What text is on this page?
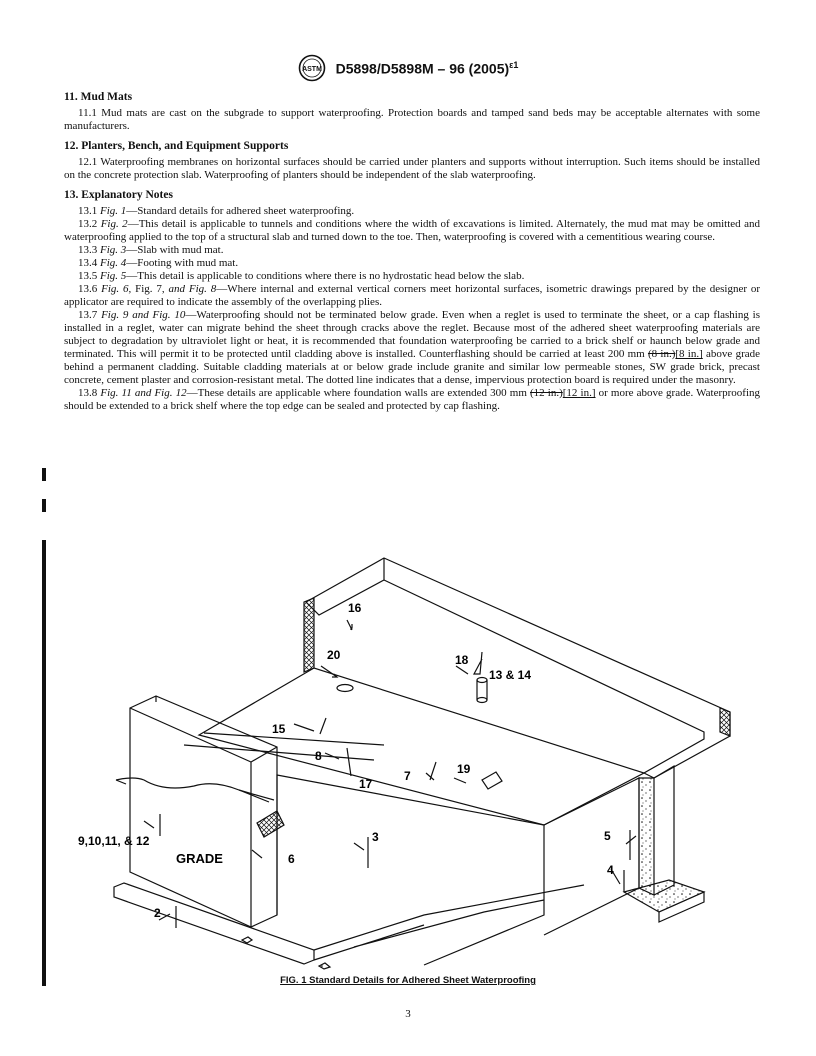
ASTM D5898/D5898M – 96 $(2005)^{\varepsilon 1}$
11. Mud Mats

11.1 Mud mats are cast on the subgrade to support waterproofing. Protection boards and tamped sand beds may be acceptable alternates with some manufacturers.

12. Planters, Bench, and Equipment Supports

12.1 Waterproofing membranes on horizontal surfaces should be carried under planters and supports without interruption. Such items should be installed on the concrete protection slab. Waterproofing of planters should be independent of the slab waterproofing.

13. Explanatory Notes

13.1 Fig. 1—Standard details for adhered sheet waterproofing.

13.2 Fig. 2—This detail is applicable to tunnels and conditions where the width of excavations is limited. Alternately, the mud mat may be omitted and waterproofing applied to the top of a structural slab and turned down to the toe. Then, waterproofing is covered with a cementitious wearing course.

13.3 Fig. 3—Slab with mud mat.

13.4 Fig. 4—Footing with mud mat.

13.5 Fig. 5—This detail is applicable to conditions where there is no hydrostatic head below the slab.

13.6 Fig. 6, Fig. 7, and Fig. 8—Where internal and external vertical corners meet horizontal surfaces, isometric drawings prepared by the designer or applicator are required to indicate the assembly of the overlapping plies.

13.7 Fig. 9 and Fig. 10—Waterproofing should not be terminated below grade. Even when a reglet is used to terminate the sheet, or a cap flashing is installed in a reglet, water can migrate behind the sheet through cracks above the reglet. Because most of the adhered sheet waterproofing materials are subject to degradation by ultraviolet light or heat, it is recommended that foundation waterproofing be carried to a brick shelf or haunch below grade and terminated. This will permit it to be protected until cladding above is installed. Counterflashing should be carried at least 200 mm (8 in.)[8 in.] above grade behind a permanent cladding. Suitable cladding materials at or below grade include granite and similar low permeable stones, SW grade brick, precast concrete, cement plaster and corrosion-resistant metal. The dotted line indicates that a dense, impervious protection board is required under the masonry.

13.8 Fig. 11 and Fig. 12—These details are applicable where foundation walls are extended 300 mm (12 in.)[12 in.] or more above grade. Waterproofing should be extended to a brick shelf where the top edge can be sealed and protected by cap flashing.

16
20	18
13 & 14
15
8
17
7	19
9,10,11, & 12
GRADE	6
3	5
4
2
FIG. 1 Standard Details for Adhered Sheet Waterproofing
3
